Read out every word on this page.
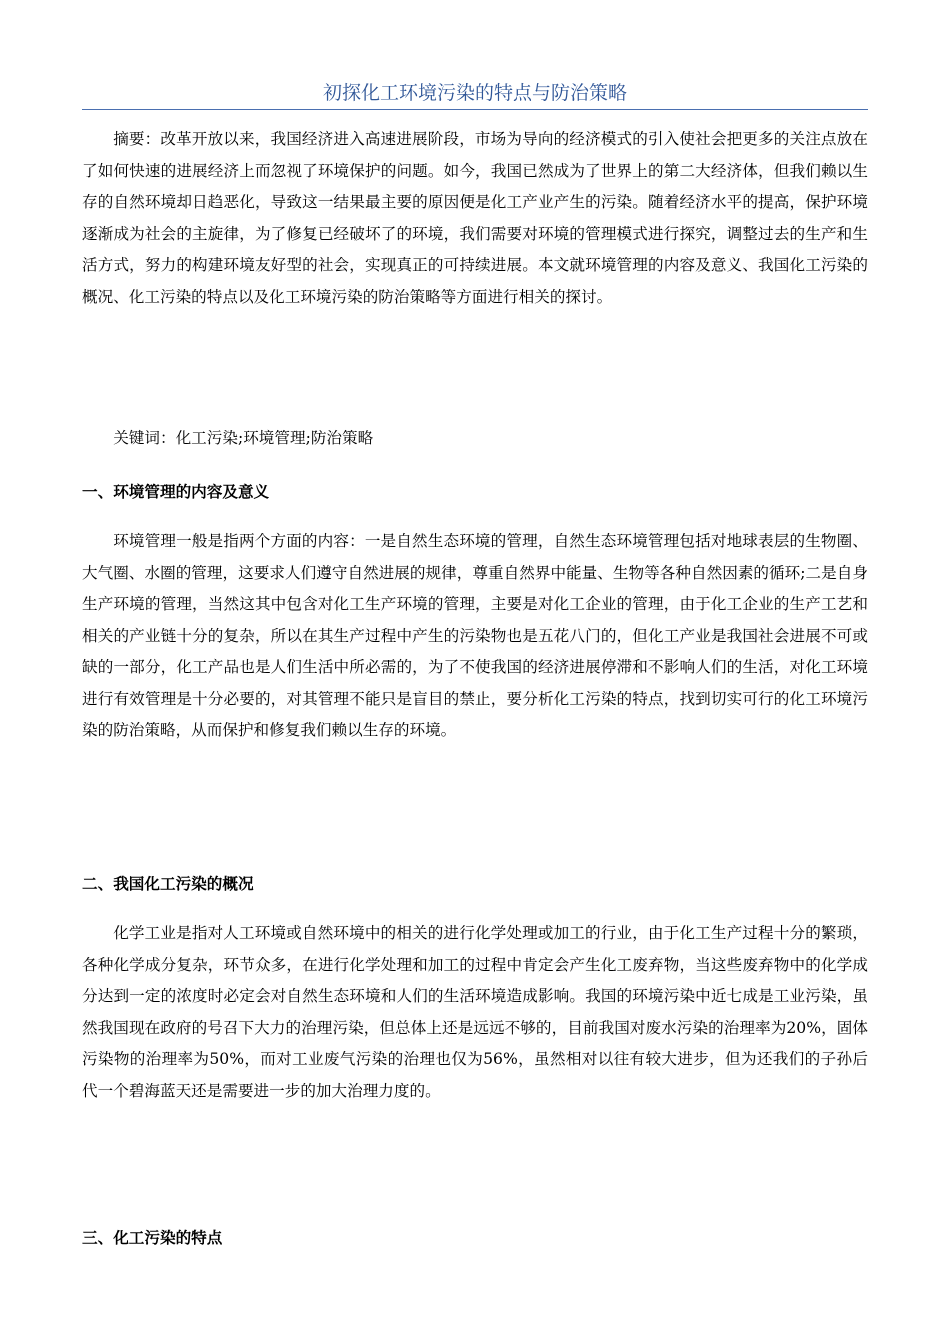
初探化工环境污染的特点与防治策略

摘要：改革开放以来，我国经济进入高速进展阶段，市场为导向的经济模式的引入使社会把更多的关注点放在了如何快速的进展经济上而忽视了环境保护的问题。如今，我国已然成为了世界上的第二大经济体，但我们赖以生存的自然环境却日趋恶化，导致这一结果最主要的原因便是化工产业产生的污染。随着经济水平的提高，保护环境逐渐成为社会的主旋律，为了修复已经破坏了的环境，我们需要对环境的管理模式进行探究，调整过去的生产和生活方式，努力的构建环境友好型的社会，实现真正的可持续进展。本文就环境管理的内容及意义、我国化工污染的概况、化工污染的特点以及化工环境污染的防治策略等方面进行相关的探讨。

关键词：化工污染;环境管理;防治策略

一、环境管理的内容及意义

环境管理一般是指两个方面的内容：一是自然生态环境的管理，自然生态环境管理包括对地球表层的生物圈、大气圈、水圈的管理，这要求人们遵守自然进展的规律，尊重自然界中能量、生物等各种自然因素的循环;二是自身生产环境的管理，当然这其中包含对化工生产环境的管理，主要是对化工企业的管理，由于化工企业的生产工艺和相关的产业链十分的复杂，所以在其生产过程中产生的污染物也是五花八门的，但化工产业是我国社会进展不可或缺的一部分，化工产品也是人们生活中所必需的，为了不使我国的经济进展停滞和不影响人们的生活，对化工环境进行有效管理是十分必要的，对其管理不能只是盲目的禁止，要分析化工污染的特点，找到切实可行的化工环境污染的防治策略，从而保护和修复我们赖以生存的环境。

二、我国化工污染的概况

化学工业是指对人工环境或自然环境中的相关的进行化学处理或加工的行业，由于化工生产过程十分的繁琐，各种化学成分复杂，环节众多，在进行化学处理和加工的过程中肯定会产生化工废弃物，当这些废弃物中的化学成分达到一定的浓度时必定会对自然生态环境和人们的生活环境造成影响。我国的环境污染中近七成是工业污染，虽然我国现在政府的号召下大力的治理污染，但总体上还是远远不够的，目前我国对废水污染的治理率为20%，固体污染物的治理率为50%，而对工业废气污染的治理也仅为56%，虽然相对以往有较大进步，但为还我们的子孙后代一个碧海蓝天还是需要进一步的加大治理力度的。

三、化工污染的特点
